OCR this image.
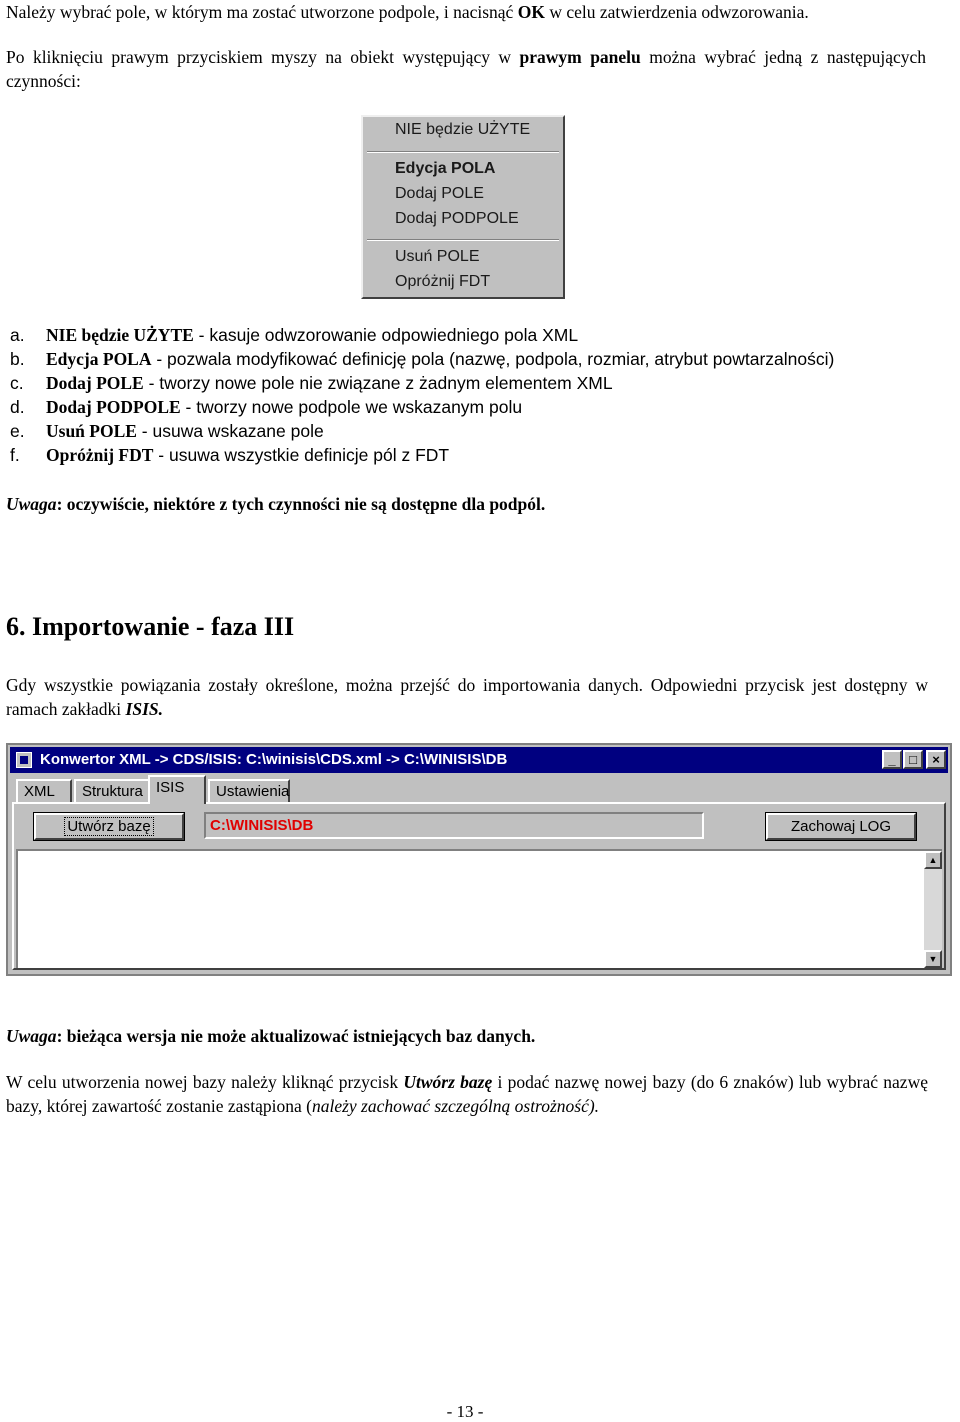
Należy wybrać pole, w którym ma zostać utworzone podpole, i nacisnąć OK w celu zatwierdzenia odwzorowania.

Po kliknięciu prawym przyciskiem myszy na obiekt występujący w prawym panelu można wybrać jedną z następujących czynności:

NIE będzie UŻYTE
Edycja POLA
Dodaj POLE
Dodaj PODPOLE
Usuń POLE
Opróżnij FDT
a. NIE będzie UŻYTE - kasuje odwzorowanie odpowiedniego pola XML
b. Edycja POLA - pozwala modyfikować definicję pola (nazwę, podpola, rozmiar, atrybut powtarzalności)
c. Dodaj POLE - tworzy nowe pole nie związane z żadnym elementem XML
d. Dodaj PODPOLE - tworzy nowe podpole we wskazanym polu
e. Usuń POLE - usuwa wskazane pole
f. Opróżnij FDT - usuwa wszystkie definicje pól z FDT

Uwaga: oczywiście, niektóre z tych czynności nie są dostępne dla podpól.

6. Importowanie - faza III

Gdy wszystkie powiązania zostały określone, można przejść do importowania danych. Odpowiedni przycisk jest dostępny w ramach zakładki ISIS.

Konwertor XML -> CDS/ISIS: C:\winisis\CDS.xml -> C:\WINISIS\DB	_	□	×
XML	Struktura ISIS	Ustawienia
Utwórz bazę	C:\WINISIS\DB	Zachowaj LOG
▲
▼

Uwaga: bieżąca wersja nie może aktualizować istniejących baz danych.

W celu utworzenia nowej bazy należy kliknąć przycisk Utwórz bazę i podać nazwę nowej bazy (do 6 znaków) lub wybrać nazwę bazy, której zawartość zostanie zastąpiona (należy zachować szczególną ostrożność).

- 13 -
